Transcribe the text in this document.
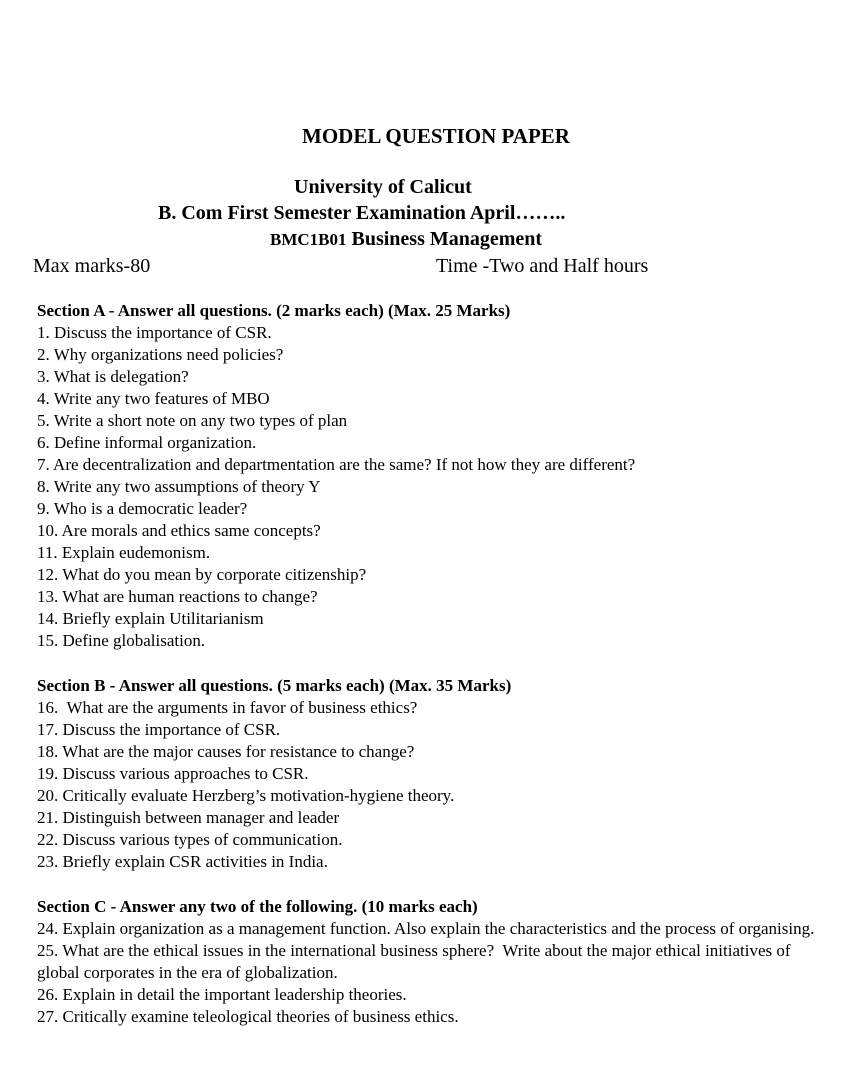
MODEL QUESTION PAPER
University of Calicut
B. Com First Semester Examination April……..
BMC1B01 Business Management
Max marks-80	Time -Two and Half hours

Section A - Answer all questions. (2 marks each) (Max. 25 Marks)

1. Discuss the importance of CSR.
2. Why organizations need policies?
3. What is delegation?
4. Write any two features of MBO
5. Write a short note on any two types of plan
6. Define informal organization.
7. Are decentralization and departmentation are the same? If not how they are different?
8. Write any two assumptions of theory Y
9. Who is a democratic leader?
10. Are morals and ethics same concepts?
11. Explain eudemonism.
12. What do you mean by corporate citizenship?
13. What are human reactions to change?
14. Briefly explain Utilitarianism
15. Define globalisation.

Section B - Answer all questions. (5 marks each) (Max. 35 Marks)

16.  What are the arguments in favor of business ethics?
17. Discuss the importance of CSR.
18. What are the major causes for resistance to change?
19. Discuss various approaches to CSR.
20. Critically evaluate Herzberg’s motivation-hygiene theory.
21. Distinguish between manager and leader
22. Discuss various types of communication.
23. Briefly explain CSR activities in India.

Section C - Answer any two of the following. (10 marks each)

24. Explain organization as a management function. Also explain the characteristics and the process of organising.
25. What are the ethical issues in the international business sphere?  Write about the major ethical initiatives of global corporates in the era of globalization.
26. Explain in detail the important leadership theories.
27. Critically examine teleological theories of business ethics.
